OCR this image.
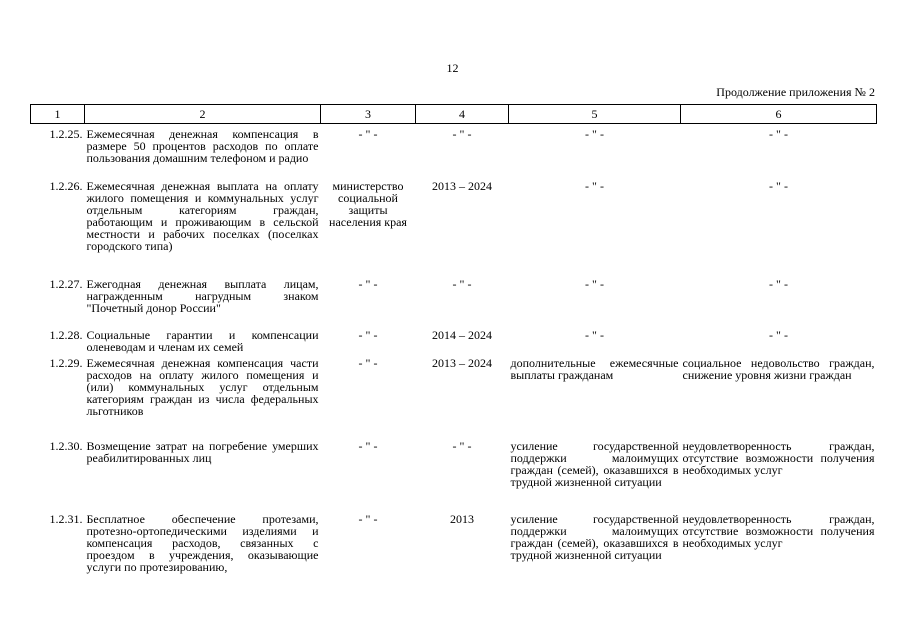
12
Продолжение приложения № 2
1	2	3	4	5	6
1.2.25.	Ежемесячная денежная компенсация в размере 50 процентов расходов по оплате пользования домашним телефоном и радио	- " -	- " -	- " -	- " -
1.2.26.	Ежемесячная денежная выплата на оплату жилого помещения и коммунальных услуг отдельным категориям граждан, работающим и проживающим в сельской местности и рабочих поселках (поселках городского типа)	министерство социальной защиты населения края	2013 – 2024	- " -	- " -
1.2.27.	Ежегодная денежная выплата лицам, награжденным нагрудным знаком "Почетный донор России"	- " -	- " -	- " -	- " -
1.2.28.	Социальные гарантии и компенсации оленеводам и членам их семей	- " -	2014 – 2024	- " -	- " -
1.2.29.	Ежемесячная денежная компенсация части расходов на оплату жилого помещения и (или) коммунальных услуг отдельным категориям граждан из числа федеральных льготников	- " -	2013 – 2024	дополнительные ежемесячные выплаты гражданам	социальное недовольство граждан, снижение уровня жизни граждан
1.2.30.	Возмещение затрат на погребение умерших реабилитированных лиц	- " -	- " -	усиление государственной поддержки малоимущих граждан (семей), оказавшихся в трудной жизненной ситуации	неудовлетворенность граждан, отсутствие возможности получения необходимых услуг
1.2.31.	Бесплатное обеспечение протезами, протезно-ортопедическими изделиями и компенсация расходов, связанных с проездом в учреждения, оказывающие услуги по протезированию,	- " -	2013	усиление государственной поддержки малоимущих граждан (семей), оказавшихся в трудной жизненной ситуации	неудовлетворенность граждан, отсутствие возможности получения необходимых услуг
